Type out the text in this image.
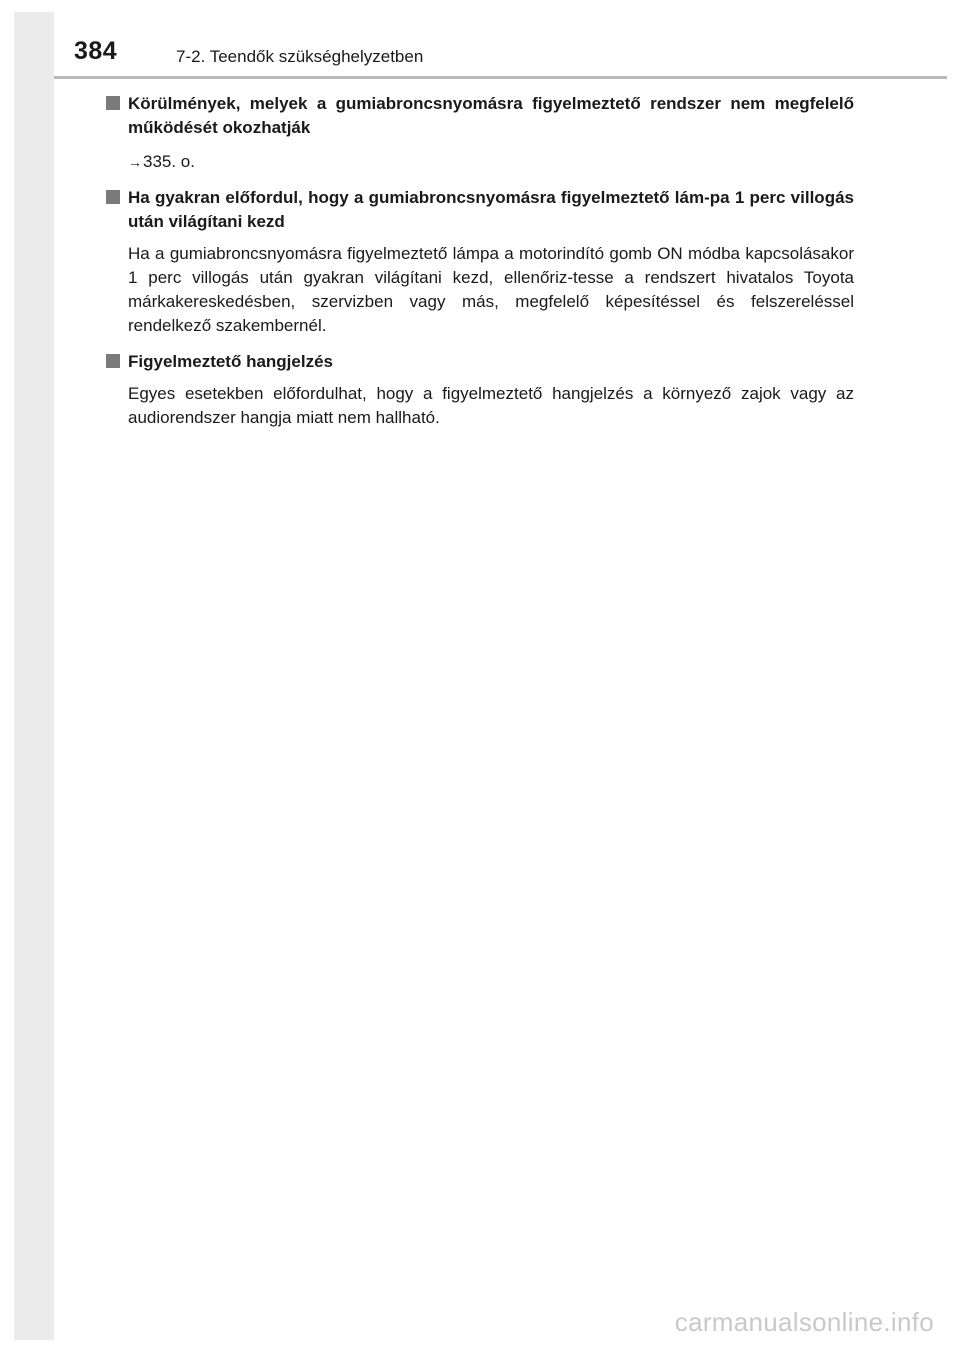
384	7-2. Teendők szükséghelyzetben
Körülmények, melyek a gumiabroncsnyomásra figyelmeztető rendszer nem megfelelő működését okozhatják
→335. o.
Ha gyakran előfordul, hogy a gumiabroncsnyomásra figyelmeztető lám-pa 1 perc villogás után világítani kezd
Ha a gumiabroncsnyomásra figyelmeztető lámpa a motorindító gomb ON módba kapcsolásakor 1 perc villogás után gyakran világítani kezd, ellenőriz-tesse a rendszert hivatalos Toyota márkakereskedésben, szervizben vagy más, megfelelő képesítéssel és felszereléssel rendelkező szakembernél.
Figyelmeztető hangjelzés
Egyes esetekben előfordulhat, hogy a figyelmeztető hangjelzés a környező zajok vagy az audiorendszer hangja miatt nem hallható.
carmanualsonline.info
